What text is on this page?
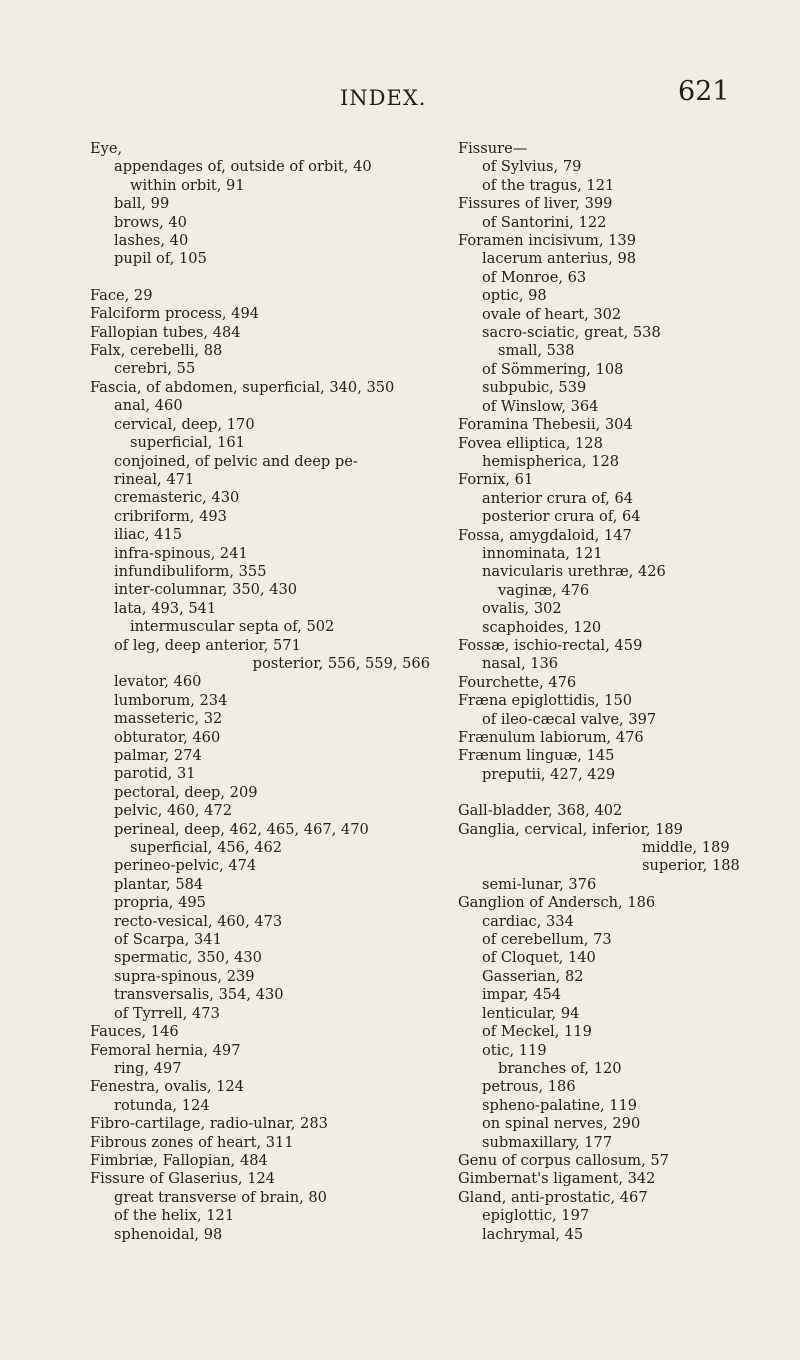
INDEX.	621
Eye,
appendages of, outside of orbit, 40
within orbit, 91
ball, 99
brows, 40
lashes, 40
pupil of, 105
Face, 29
Falciform process, 494
Fallopian tubes, 484
Falx, cerebelli, 88
cerebri, 55
Fascia, of abdomen, superficial, 340, 350
anal, 460
cervical, deep, 170
superficial, 161
conjoined, of pelvic and deep pe-
rineal, 471
cremasteric, 430
cribriform, 493
iliac, 415
infra-spinous, 241
infundibuliform, 355
inter-columnar, 350, 430
lata, 493, 541
intermuscular septa of, 502
of leg, deep anterior, 571
posterior, 556, 559, 566
levator, 460
lumborum, 234
masseteric, 32
obturator, 460
palmar, 274
parotid, 31
pectoral, deep, 209
pelvic, 460, 472
perineal, deep, 462, 465, 467, 470
superficial, 456, 462
perineo-pelvic, 474
plantar, 584
propria, 495
recto-vesical, 460, 473
of Scarpa, 341
spermatic, 350, 430
supra-spinous, 239
transversalis, 354, 430
of Tyrrell, 473
Fauces, 146
Femoral hernia, 497
ring, 497
Fenestra, ovalis, 124
rotunda, 124
Fibro-cartilage, radio-ulnar, 283
Fibrous zones of heart, 311
Fimbriæ, Fallopian, 484
Fissure of Glaserius, 124
great transverse of brain, 80
of the helix, 121
sphenoidal, 98
Fissure—
of Sylvius, 79
of the tragus, 121
Fissures of liver, 399
of Santorini, 122
Foramen incisivum, 139
lacerum anterius, 98
of Monroe, 63
optic, 98
ovale of heart, 302
sacro-sciatic, great, 538
small, 538
of Sömmering, 108
subpubic, 539
of Winslow, 364
Foramina Thebesii, 304
Fovea elliptica, 128
hemispherica, 128
Fornix, 61
anterior crura of, 64
posterior crura of, 64
Fossa, amygdaloid, 147
innominata, 121
navicularis urethræ, 426
vaginæ, 476
ovalis, 302
scaphoides, 120
Fossæ, ischio-rectal, 459
nasal, 136
Fourchette, 476
Fræna epiglottidis, 150
of ileo-cæcal valve, 397
Frænulum labiorum, 476
Frænum linguæ, 145
preputii, 427, 429
Gall-bladder, 368, 402
Ganglia, cervical, inferior, 189
middle, 189
superior, 188
semi-lunar, 376
Ganglion of Andersch, 186
cardiac, 334
of cerebellum, 73
of Cloquet, 140
Gasserian, 82
impar, 454
lenticular, 94
of Meckel, 119
otic, 119
branches of, 120
petrous, 186
spheno-palatine, 119
on spinal nerves, 290
submaxillary, 177
Genu of corpus callosum, 57
Gimbernat's ligament, 342
Gland, anti-prostatic, 467
epiglottic, 197
lachrymal, 45
